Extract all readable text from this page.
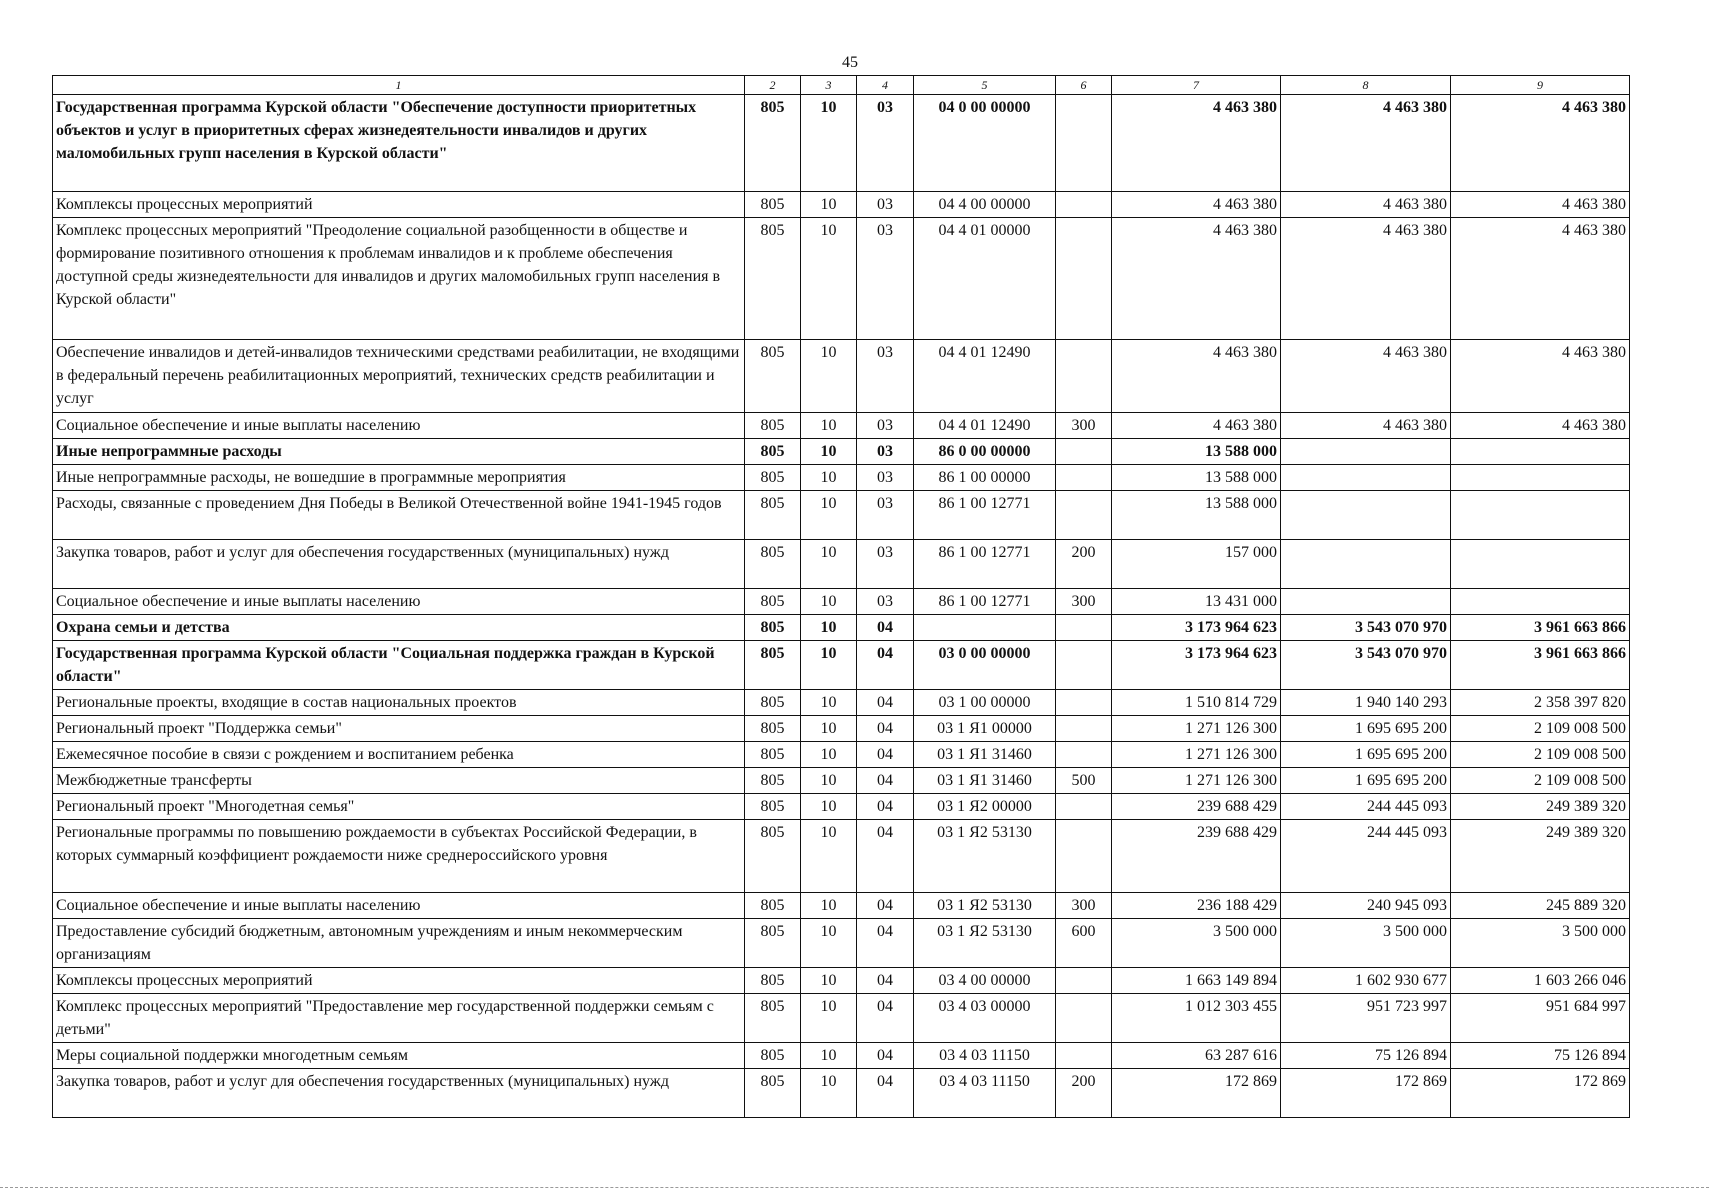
45
1	2	3	4	5	6	7	8	9
Государственная программа Курской области "Обеспечение доступности приоритетных объектов и услуг в приоритетных сферах жизнедеятельности инвалидов и других маломобильных групп населения в Курской области"	805	10	03	04 0 00 00000		4 463 380	4 463 380	4 463 380
Комплексы процессных мероприятий	805	10	03	04 4 00 00000		4 463 380	4 463 380	4 463 380
Комплекс процессных мероприятий "Преодоление социальной разобщенности в обществе и формирование позитивного отношения к проблемам инвалидов и к проблеме обеспечения доступной среды жизнедеятельности для инвалидов и других маломобильных групп населения в Курской области"	805	10	03	04 4 01 00000		4 463 380	4 463 380	4 463 380
Обеспечение инвалидов и детей-инвалидов техническими средствами реабилитации, не входящими в федеральный перечень реабилитационных мероприятий, технических средств реабилитации и услуг	805	10	03	04 4 01 12490		4 463 380	4 463 380	4 463 380
Социальное обеспечение и иные выплаты населению	805	10	03	04 4 01 12490	300	4 463 380	4 463 380	4 463 380
Иные непрограммные расходы	805	10	03	86 0 00 00000		13 588 000		
Иные непрограммные расходы, не вошедшие в программные мероприятия	805	10	03	86 1 00 00000		13 588 000		
Расходы, связанные с проведением Дня Победы в Великой Отечественной войне 1941-1945 годов	805	10	03	86 1 00 12771		13 588 000		
Закупка товаров, работ и услуг для обеспечения государственных (муниципальных) нужд	805	10	03	86 1 00 12771	200	157 000		
Социальное обеспечение и иные выплаты населению	805	10	03	86 1 00 12771	300	13 431 000		
Охрана семьи и детства	805	10	04			3 173 964 623	3 543 070 970	3 961 663 866
Государственная программа Курской области "Социальная поддержка граждан в Курской области"	805	10	04	03 0 00 00000		3 173 964 623	3 543 070 970	3 961 663 866
Региональные проекты, входящие в состав национальных проектов	805	10	04	03 1 00 00000		1 510 814 729	1 940 140 293	2 358 397 820
Региональный проект "Поддержка семьи"	805	10	04	03 1 Я1 00000		1 271 126 300	1 695 695 200	2 109 008 500
Ежемесячное пособие в связи с рождением и воспитанием ребенка	805	10	04	03 1 Я1 31460		1 271 126 300	1 695 695 200	2 109 008 500
Межбюджетные трансферты	805	10	04	03 1 Я1 31460	500	1 271 126 300	1 695 695 200	2 109 008 500
Региональный проект "Многодетная семья"	805	10	04	03 1 Я2 00000		239 688 429	244 445 093	249 389 320
Региональные программы по повышению рождаемости в субъектах Российской Федерации, в которых суммарный коэффициент рождаемости ниже среднероссийского уровня	805	10	04	03 1 Я2 53130		239 688 429	244 445 093	249 389 320
Социальное обеспечение и иные выплаты населению	805	10	04	03 1 Я2 53130	300	236 188 429	240 945 093	245 889 320
Предоставление субсидий бюджетным, автономным учреждениям и иным некоммерческим организациям	805	10	04	03 1 Я2 53130	600	3 500 000	3 500 000	3 500 000
Комплексы процессных мероприятий	805	10	04	03 4 00 00000		1 663 149 894	1 602 930 677	1 603 266 046
Комплекс процессных мероприятий "Предоставление мер государственной поддержки семьям с детьми"	805	10	04	03 4 03 00000		1 012 303 455	951 723 997	951 684 997
Меры социальной поддержки многодетным семьям	805	10	04	03 4 03 11150		63 287 616	75 126 894	75 126 894
Закупка товаров, работ и услуг для обеспечения государственных (муниципальных) нужд	805	10	04	03 4 03 11150	200	172 869	172 869	172 869
